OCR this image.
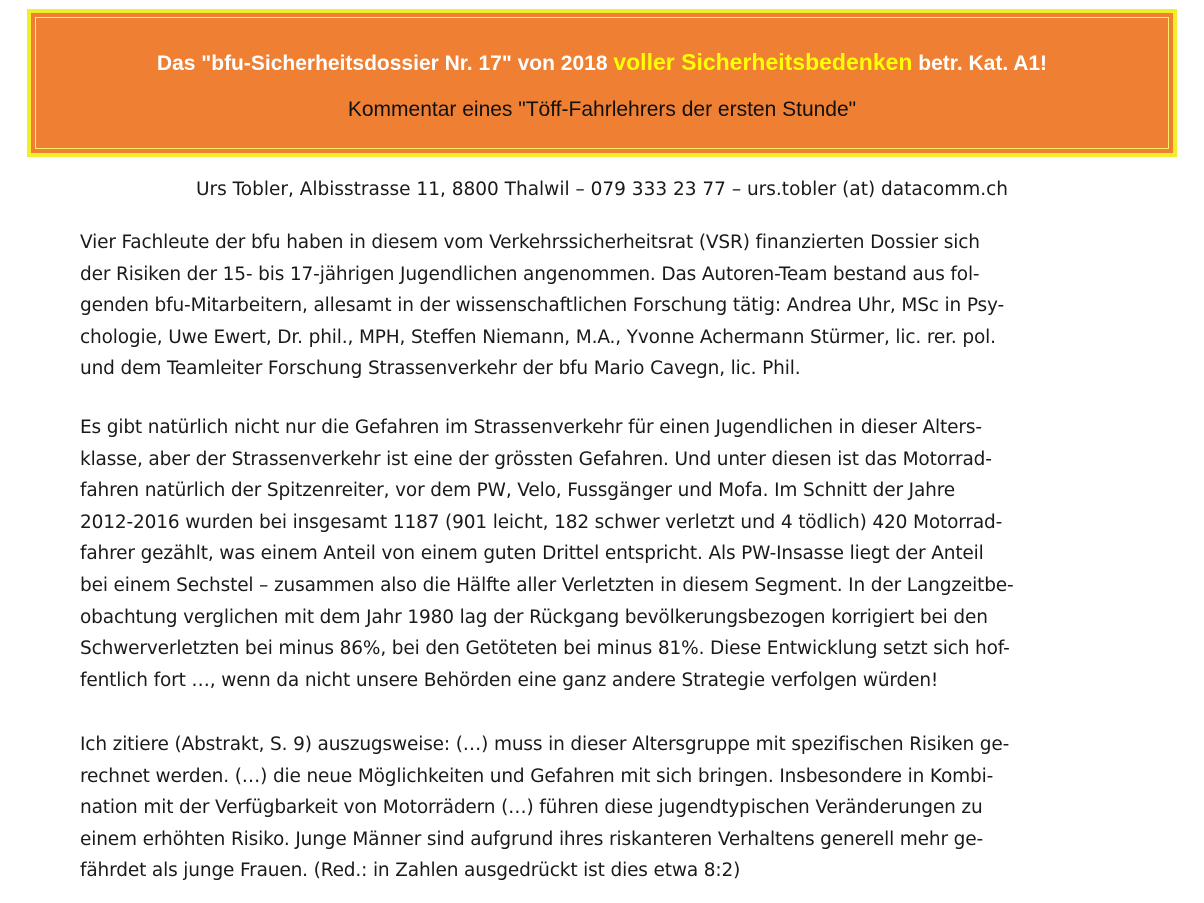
Das "bfu-Sicherheitsdossier Nr. 17" von 2018 voller Sicherheitsbedenken betr. Kat. A1!
Kommentar eines "Töff-Fahrlehrers der ersten Stunde"
Urs Tobler, Albisstrasse 11, 8800 Thalwil – 079 333 23 77 – urs.tobler (at) datacomm.ch
Vier Fachleute der bfu haben in diesem vom Verkehrssicherheitsrat (VSR) finanzierten Dossier sich
der Risiken der 15- bis 17-jährigen Jugendlichen angenommen. Das Autoren-Team bestand aus fol-
genden bfu-Mitarbeitern, allesamt in der wissenschaftlichen Forschung tätig: Andrea Uhr, MSc in Psy-
chologie, Uwe Ewert, Dr. phil., MPH, Steffen Niemann, M.A., Yvonne Achermann Stürmer, lic. rer. pol.
und dem Teamleiter Forschung Strassenverkehr der bfu Mario Cavegn, lic. Phil.
Es gibt natürlich nicht nur die Gefahren im Strassenverkehr für einen Jugendlichen in dieser Alters-
klasse, aber der Strassenverkehr ist eine der grössten Gefahren. Und unter diesen ist das Motorrad-
fahren natürlich der Spitzenreiter, vor dem PW, Velo, Fussgänger und Mofa. Im Schnitt der Jahre
2012-2016 wurden bei insgesamt 1187 (901 leicht, 182 schwer verletzt und 4 tödlich) 420 Motorrad-
fahrer gezählt, was einem Anteil von einem guten Drittel entspricht. Als PW-Insasse liegt der Anteil
bei einem Sechstel – zusammen also die Hälfte aller Verletzten in diesem Segment. In der Langzeitbe-
obachtung verglichen mit dem Jahr 1980 lag der Rückgang bevölkerungsbezogen korrigiert bei den
Schwerverletzten bei minus 86%, bei den Getöteten bei minus 81%. Diese Entwicklung setzt sich hof-
fentlich fort …, wenn da nicht unsere Behörden eine ganz andere Strategie verfolgen würden!
Ich zitiere (Abstrakt, S. 9) auszugsweise: (…) muss in dieser Altersgruppe mit spezifischen Risiken ge-
rechnet werden. (…) die neue Möglichkeiten und Gefahren mit sich bringen. Insbesondere in Kombi-
nation mit der Verfügbarkeit von Motorrädern (…) führen diese jugendtypischen Veränderungen zu
einem erhöhten Risiko. Junge Männer sind aufgrund ihres riskanteren Verhaltens generell mehr ge-
fährdet als junge Frauen. (Red.: in Zahlen ausgedrückt ist dies etwa 8:2)
